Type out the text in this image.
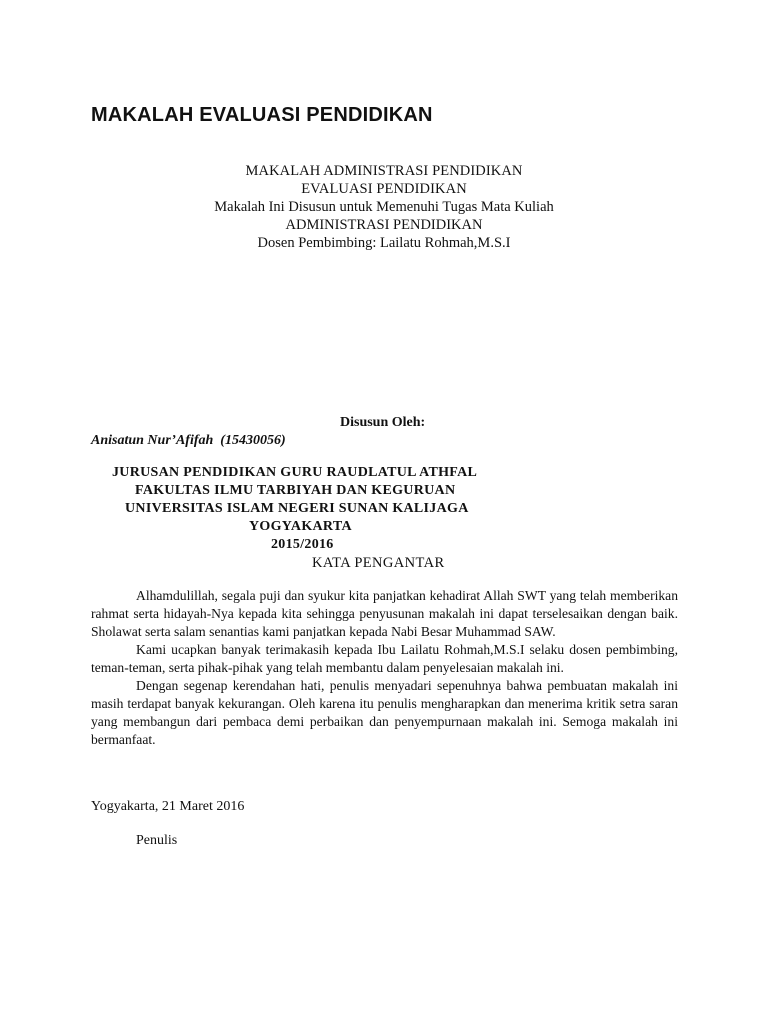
MAKALAH EVALUASI PENDIDIKAN
MAKALAH ADMINISTRASI PENDIDIKAN
EVALUASI PENDIDIKAN
Makalah Ini Disusun untuk Memenuhi Tugas Mata Kuliah
ADMINISTRASI PENDIDIKAN
Dosen Pembimbing: Lailatu Rohmah,M.S.I
Disusun Oleh:
Anisatun Nur’Afifah  (15430056)
JURUSAN PENDIDIKAN GURU RAUDLATUL ATHFAL
FAKULTAS ILMU TARBIYAH DAN KEGURUAN
UNIVERSITAS ISLAM NEGERI SUNAN KALIJAGA
YOGYAKARTA
2015/2016
KATA PENGANTAR

Alhamdulillah, segala puji dan syukur kita panjatkan kehadirat Allah SWT yang telah memberikan rahmat serta hidayah-Nya kepada kita sehingga penyusunan makalah ini dapat terselesaikan dengan baik. Sholawat serta salam senantias kami panjatkan kepada Nabi Besar Muhammad SAW.

Kami ucapkan banyak terimakasih kepada Ibu Lailatu Rohmah,M.S.I selaku dosen pembimbing, teman-teman, serta pihak-pihak yang telah membantu dalam penyelesaian makalah ini.

Dengan segenap kerendahan hati, penulis menyadari sepenuhnya bahwa pembuatan makalah ini masih terdapat banyak kekurangan. Oleh karena itu penulis mengharapkan dan menerima kritik setra saran yang membangun dari pembaca demi perbaikan dan penyempurnaan makalah ini. Semoga makalah ini bermanfaat.

Yogyakarta, 21 Maret 2016
Penulis
